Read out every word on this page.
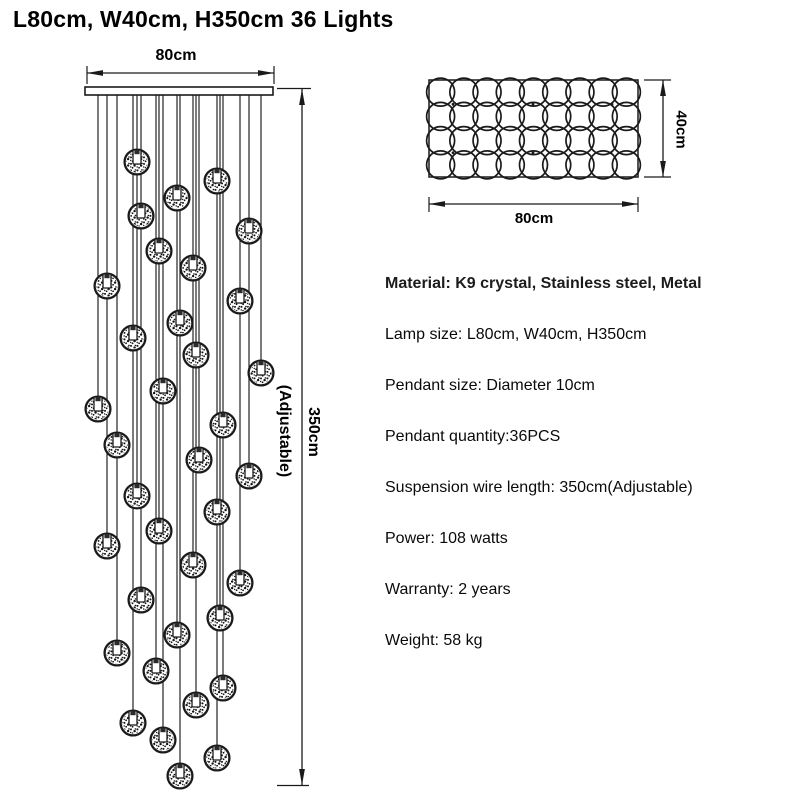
L80cm, W40cm, H350cm 36 Lights
80cm
350cm
(Adjustable)
80cm
40cm
Material: K9 crystal, Stainless steel, Metal
Lamp size: L80cm, W40cm, H350cm
Pendant size: Diameter 10cm
Pendant quantity:36PCS
Suspension wire length: 350cm(Adjustable)
Power: 108 watts
Warranty: 2 years
Weight: 58 kg
